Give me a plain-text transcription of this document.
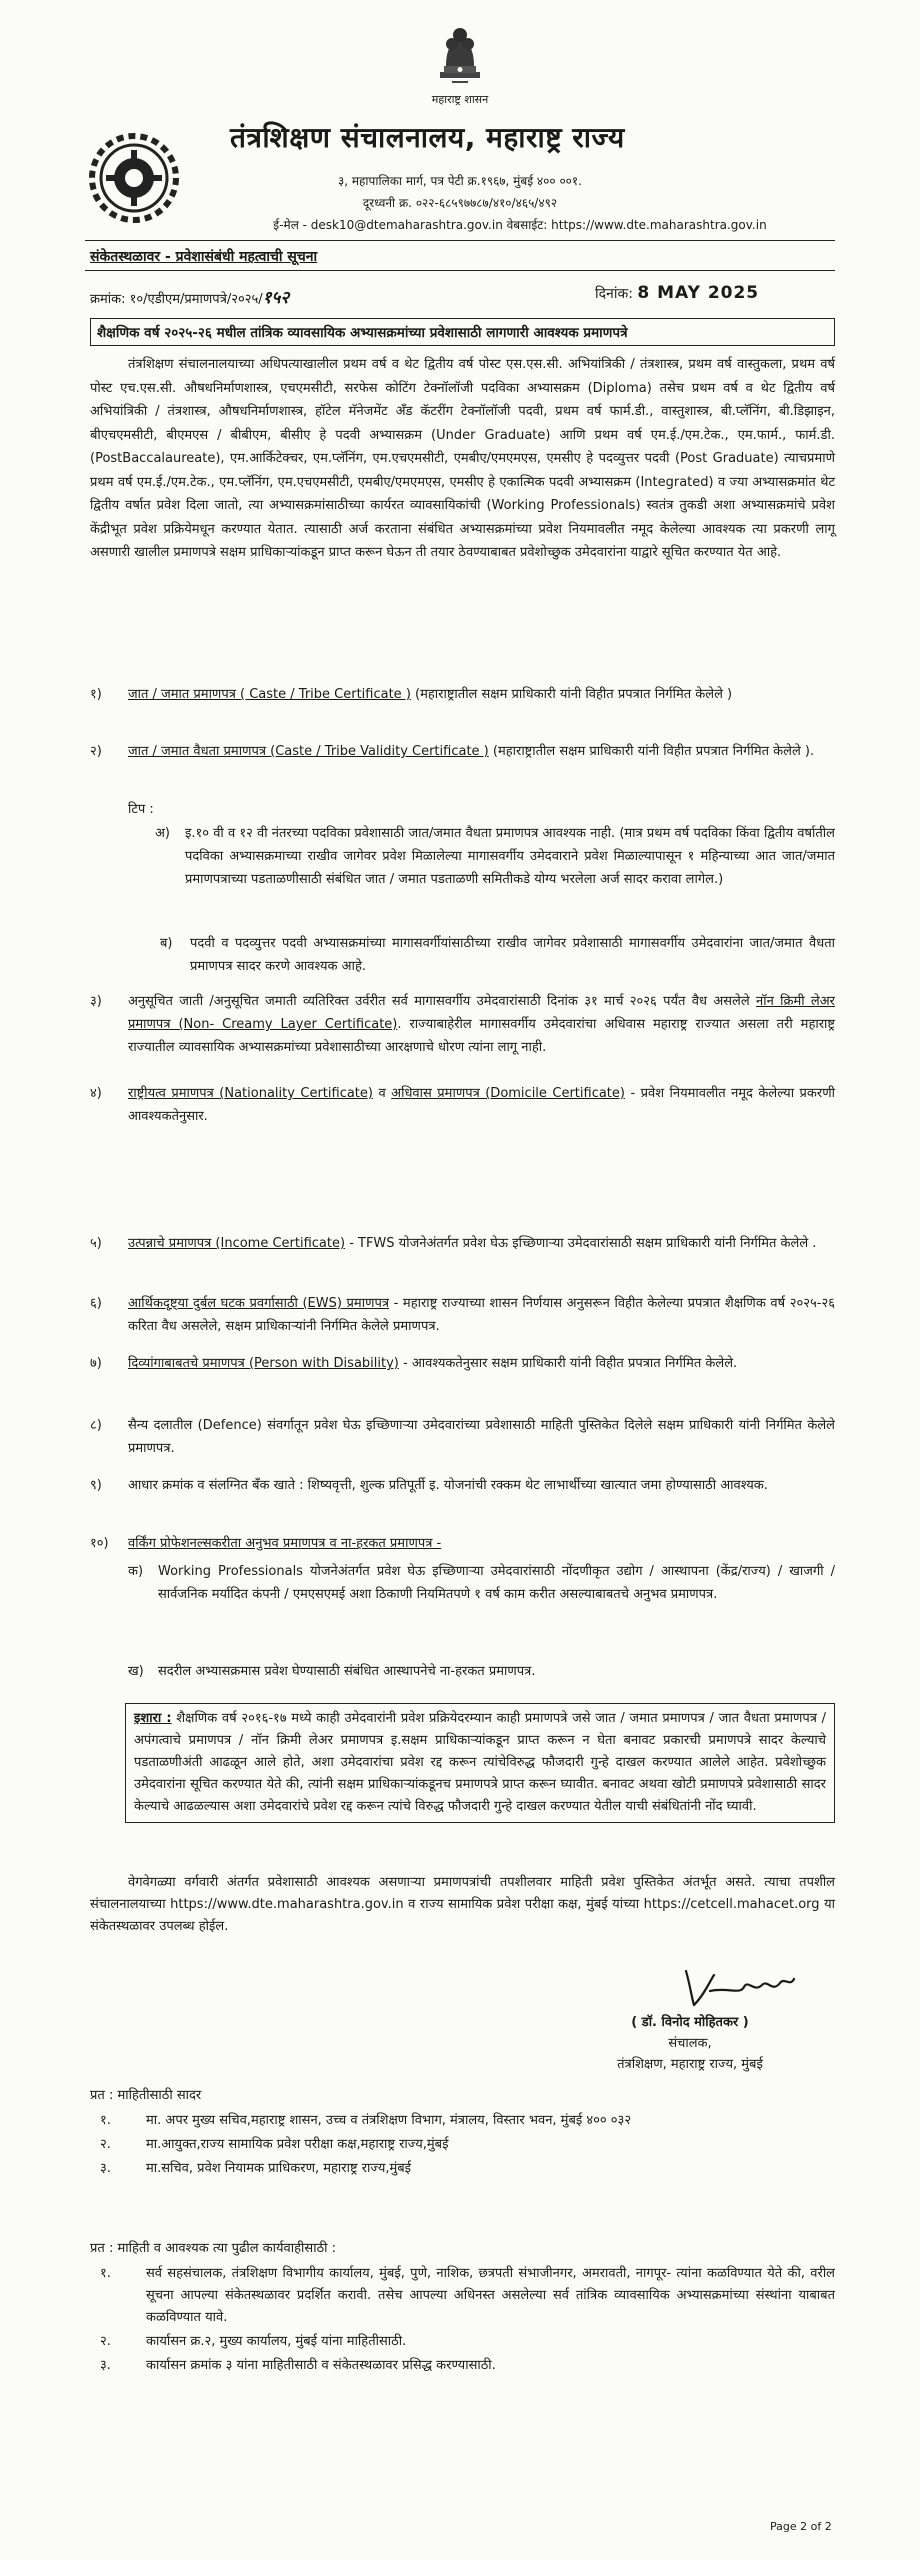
महाराष्ट्र शासन
तंत्रशिक्षण संचालनालय, महाराष्ट्र राज्य
३, महापालिका मार्ग, पत्र पेटी क्र.१९६७, मुंबई ४०० ००१.
दूरध्वनी क्र. ०२२-६८५९७७८७/४१०/४६५/४९२
ई-मेल - desk10@dtemaharashtra.gov.in वेबसाईट: https://www.dte.maharashtra.gov.in
संकेतस्थळावर - प्रवेशासंबंधी महत्वाची सूचना
क्रमांक: १०/एडीएम/प्रमाणपत्रे/२०२५/१५२	दिनांक: 8 MAY 2025
शैक्षणिक वर्ष २०२५-२६ मधील तांत्रिक व्यावसायिक अभ्यासक्रमांच्या प्रवेशासाठी लागणारी आवश्यक प्रमाणपत्रे
तंत्रशिक्षण संचालनालयाच्या अधिपत्याखालील प्रथम वर्ष व थेट द्वितीय वर्ष पोस्ट एस.एस.सी. अभियांत्रिकी / तंत्रशास्त्र, प्रथम वर्ष वास्तुकला, प्रथम वर्ष पोस्ट एच.एस.सी. औषधनिर्माणशास्त्र, एचएमसीटी, सरफेस कोटिंग टेक्नॉलॉजी पदविका अभ्यासक्रम (Diploma) तसेच प्रथम वर्ष व थेट द्वितीय वर्ष अभियांत्रिकी / तंत्रशास्त्र, औषधनिर्माणशास्त्र, हॉटेल मॅनेजमेंट अँड कॅटरींग टेक्नॉलॉजी पदवी, प्रथम वर्ष फार्म.डी., वास्तुशास्त्र, बी.प्लॅनिंग, बी.डिझाइन, बीएचएमसीटी, बीएमएस / बीबीएम, बीसीए हे पदवी अभ्यासक्रम (Under Graduate) आणि प्रथम वर्ष एम.ई./एम.टेक., एम.फार्म., फार्म.डी. (PostBaccalaureate), एम.आर्किटेक्चर, एम.प्लॅनिंग, एम.एचएमसीटी, एमबीए/एमएमएस, एमसीए हे पदव्युत्तर पदवी (Post Graduate) त्याचप्रमाणे प्रथम वर्ष एम.ई./एम.टेक., एम.प्लॅनिंग, एम.एचएमसीटी, एमबीए/एमएमएस, एमसीए हे एकात्मिक पदवी अभ्यासक्रम (Integrated) व ज्या अभ्यासक्रमांत थेट द्वितीय वर्षात प्रवेश दिला जातो, त्या अभ्यासक्रमांसाठीच्या कार्यरत व्यावसायिकांची (Working Professionals) स्वतंत्र तुकडी अशा अभ्यासक्रमांचे प्रवेश केंद्रीभूत प्रवेश प्रक्रियेमधून करण्यात येतात. त्यासाठी अर्ज करताना संबंधित अभ्यासक्रमांच्या प्रवेश नियमावलीत नमूद केलेल्या आवश्यक त्या प्रकरणी लागू असणारी खालील प्रमाणपत्रे सक्षम प्राधिकाऱ्यांकडून प्राप्त करून घेऊन ती तयार ठेवण्याबाबत प्रवेशोच्छुक उमेदवारांना याद्वारे सूचित करण्यात येत आहे.
१) जात / जमात प्रमाणपत्र ( Caste / Tribe Certificate ) (महाराष्ट्रातील सक्षम प्राधिकारी यांनी विहीत प्रपत्रात निर्गमित केलेले )
२) जात / जमात वैधता प्रमाणपत्र (Caste / Tribe Validity Certificate ) (महाराष्ट्रातील सक्षम प्राधिकारी यांनी विहीत प्रपत्रात निर्गमित केलेले ).
टिप :
अ) इ.१० वी व १२ वी नंतरच्या पदविका प्रवेशासाठी जात/जमात वैधता प्रमाणपत्र आवश्यक नाही. (मात्र प्रथम वर्ष पदविका किंवा द्वितीय वर्षातील पदविका अभ्यासक्रमाच्या राखीव जागेवर प्रवेश मिळालेल्या मागासवर्गीय उमेदवाराने प्रवेश मिळाल्यापासून १ महिन्याच्या आत जात/जमात प्रमाणपत्राच्या पडताळणीसाठी संबंधित जात / जमात पडताळणी समितीकडे योग्य भरलेला अर्ज सादर करावा लागेल.)
ब) पदवी व पदव्युत्तर पदवी अभ्यासक्रमांच्या मागासवर्गीयांसाठीच्या राखीव जागेवर प्रवेशासाठी मागासवर्गीय उमेदवारांना जात/जमात वैधता प्रमाणपत्र सादर करणे आवश्यक आहे.
३) अनुसूचित जाती /अनुसूचित जमाती व्यतिरिक्त उर्वरीत सर्व मागासवर्गीय उमेदवारांसाठी दिनांक ३१ मार्च २०२६ पर्यंत वैध असलेले नॉन क्रिमी लेअर प्रमाणपत्र (Non- Creamy Layer Certificate). राज्याबाहेरील मागासवर्गीय उमेदवारांचा अधिवास महाराष्ट्र राज्यात असला तरी महाराष्ट्र राज्यातील व्यावसायिक अभ्यासक्रमांच्या प्रवेशासाठीच्या आरक्षणाचे धोरण त्यांना लागू नाही.
४) राष्ट्रीयत्व प्रमाणपत्र (Nationality Certificate) व अधिवास प्रमाणपत्र (Domicile Certificate) - प्रवेश नियमावलीत नमूद केलेल्या प्रकरणी आवश्यकतेनुसार.
५) उत्पन्नाचे प्रमाणपत्र (Income Certificate) - TFWS योजनेअंतर्गत प्रवेश घेऊ इच्छिणाऱ्या उमेदवारांसाठी सक्षम प्राधिकारी यांनी निर्गमित केलेले .
६) आर्थिकदृष्ट्या दुर्बल घटक प्रवर्गासाठी (EWS) प्रमाणपत्र - महाराष्ट्र राज्याच्या शासन निर्णयास अनुसरून विहीत केलेल्या प्रपत्रात शैक्षणिक वर्ष २०२५-२६ करिता वैध असलेले, सक्षम प्राधिकाऱ्यांनी निर्गमित केलेले प्रमाणपत्र.
७) दिव्यांगाबाबतचे प्रमाणपत्र (Person with Disability) - आवश्यकतेनुसार सक्षम प्राधिकारी यांनी विहीत प्रपत्रात निर्गमित केलेले.
८) सैन्य दलातील (Defence) संवर्गातून प्रवेश घेऊ इच्छिणाऱ्या उमेदवारांच्या प्रवेशासाठी माहिती पुस्तिकेत दिलेले सक्षम प्राधिकारी यांनी निर्गमित केलेले प्रमाणपत्र.
९) आधार क्रमांक व संलग्नित बँक खाते : शिष्यवृत्ती, शुल्क प्रतिपूर्ती इ. योजनांची रक्कम थेट लाभार्थीच्या खात्यात जमा होण्यासाठी आवश्यक.
१०) वर्किंग प्रोफेशनल्सकरीता अनुभव प्रमाणपत्र व ना-हरकत प्रमाणपत्र -
क) Working Professionals योजनेअंतर्गत प्रवेश घेऊ इच्छिणाऱ्या उमेदवारांसाठी नोंदणीकृत उद्योग / आस्थापना (केंद्र/राज्य) / खाजगी / सार्वजनिक मर्यादित कंपनी / एमएसएमई अशा ठिकाणी नियमितपणे १ वर्ष काम करीत असल्याबाबतचे अनुभव प्रमाणपत्र.
ख) सदरील अभ्यासक्रमास प्रवेश घेण्यासाठी संबंधित आस्थापनेचे ना-हरकत प्रमाणपत्र.
इशारा : शैक्षणिक वर्ष २०१६-१७ मध्ये काही उमेदवारांनी प्रवेश प्रक्रियेदरम्यान काही प्रमाणपत्रे जसे जात / जमात प्रमाणपत्र / जात वैधता प्रमाणपत्र /अपंगत्वाचे प्रमाणपत्र / नॉन क्रिमी लेअर प्रमाणपत्र इ.सक्षम प्राधिकाऱ्यांकडून प्राप्त करून न घेता बनावट प्रकारची प्रमाणपत्रे सादर केल्याचे पडताळणीअंती आढळून आले होते, अशा उमेदवारांचा प्रवेश रद्द करून त्यांचेविरुद्ध फौजदारी गुन्हे दाखल करण्यात आलेले आहेत. प्रवेशोच्छुक उमेदवारांना सूचित करण्यात येते की, त्यांनी सक्षम प्राधिकाऱ्यांकडूनच प्रमाणपत्रे प्राप्त करून घ्यावीत. बनावट अथवा खोटी प्रमाणपत्रे प्रवेशासाठी सादर केल्याचे आढळल्यास अशा उमेदवारांचे प्रवेश रद्द करून त्यांचे विरुद्ध फौजदारी गुन्हे दाखल करण्यात येतील याची संबंधितांनी नोंद घ्यावी.
वेगवेगळ्या वर्गवारी अंतर्गत प्रवेशासाठी आवश्यक असणाऱ्या प्रमाणपत्रांची तपशीलवार माहिती प्रवेश पुस्तिकेत अंतर्भूत असते. त्याचा तपशील संचालनालयाच्या https://www.dte.maharashtra.gov.in व राज्य सामायिक प्रवेश परीक्षा कक्ष, मुंबई यांच्या https://cetcell.mahacet.org या संकेतस्थळावर उपलब्ध होईल.
( डॉ. विनोद मोहितकर )
संचालक,
तंत्रशिक्षण, महाराष्ट्र राज्य, मुंबई
प्रत : माहितीसाठी सादर
१.	मा. अपर मुख्य सचिव,महाराष्ट्र शासन, उच्च व तंत्रशिक्षण विभाग, मंत्रालय, विस्तार भवन, मुंबई ४०० ०३२
२.	मा.आयुक्त,राज्य सामायिक प्रवेश परीक्षा कक्ष,महाराष्ट्र राज्य,मुंबई
३.	मा.सचिव, प्रवेश नियामक प्राधिकरण, महाराष्ट्र राज्य,मुंबई
प्रत : माहिती व आवश्यक त्या पुढील कार्यवाहीसाठी :
१.	सर्व सहसंचालक, तंत्रशिक्षण विभागीय कार्यालय, मुंबई, पुणे, नाशिक, छत्रपती संभाजीनगर, अमरावती, नागपूर- त्यांना कळविण्यात येते की, वरील सूचना आपल्या संकेतस्थळावर प्रदर्शित करावी. तसेच आपल्या अधिनस्त असलेल्या सर्व तांत्रिक व्यावसायिक अभ्यासक्रमांच्या संस्थांना याबाबत कळविण्यात यावे.
२.	कार्यासन क्र.२, मुख्य कार्यालय, मुंबई यांना माहितीसाठी.
३.	कार्यासन क्रमांक ३ यांना माहितीसाठी व संकेतस्थळावर प्रसिद्ध करण्यासाठी.
Page 2 of 2
